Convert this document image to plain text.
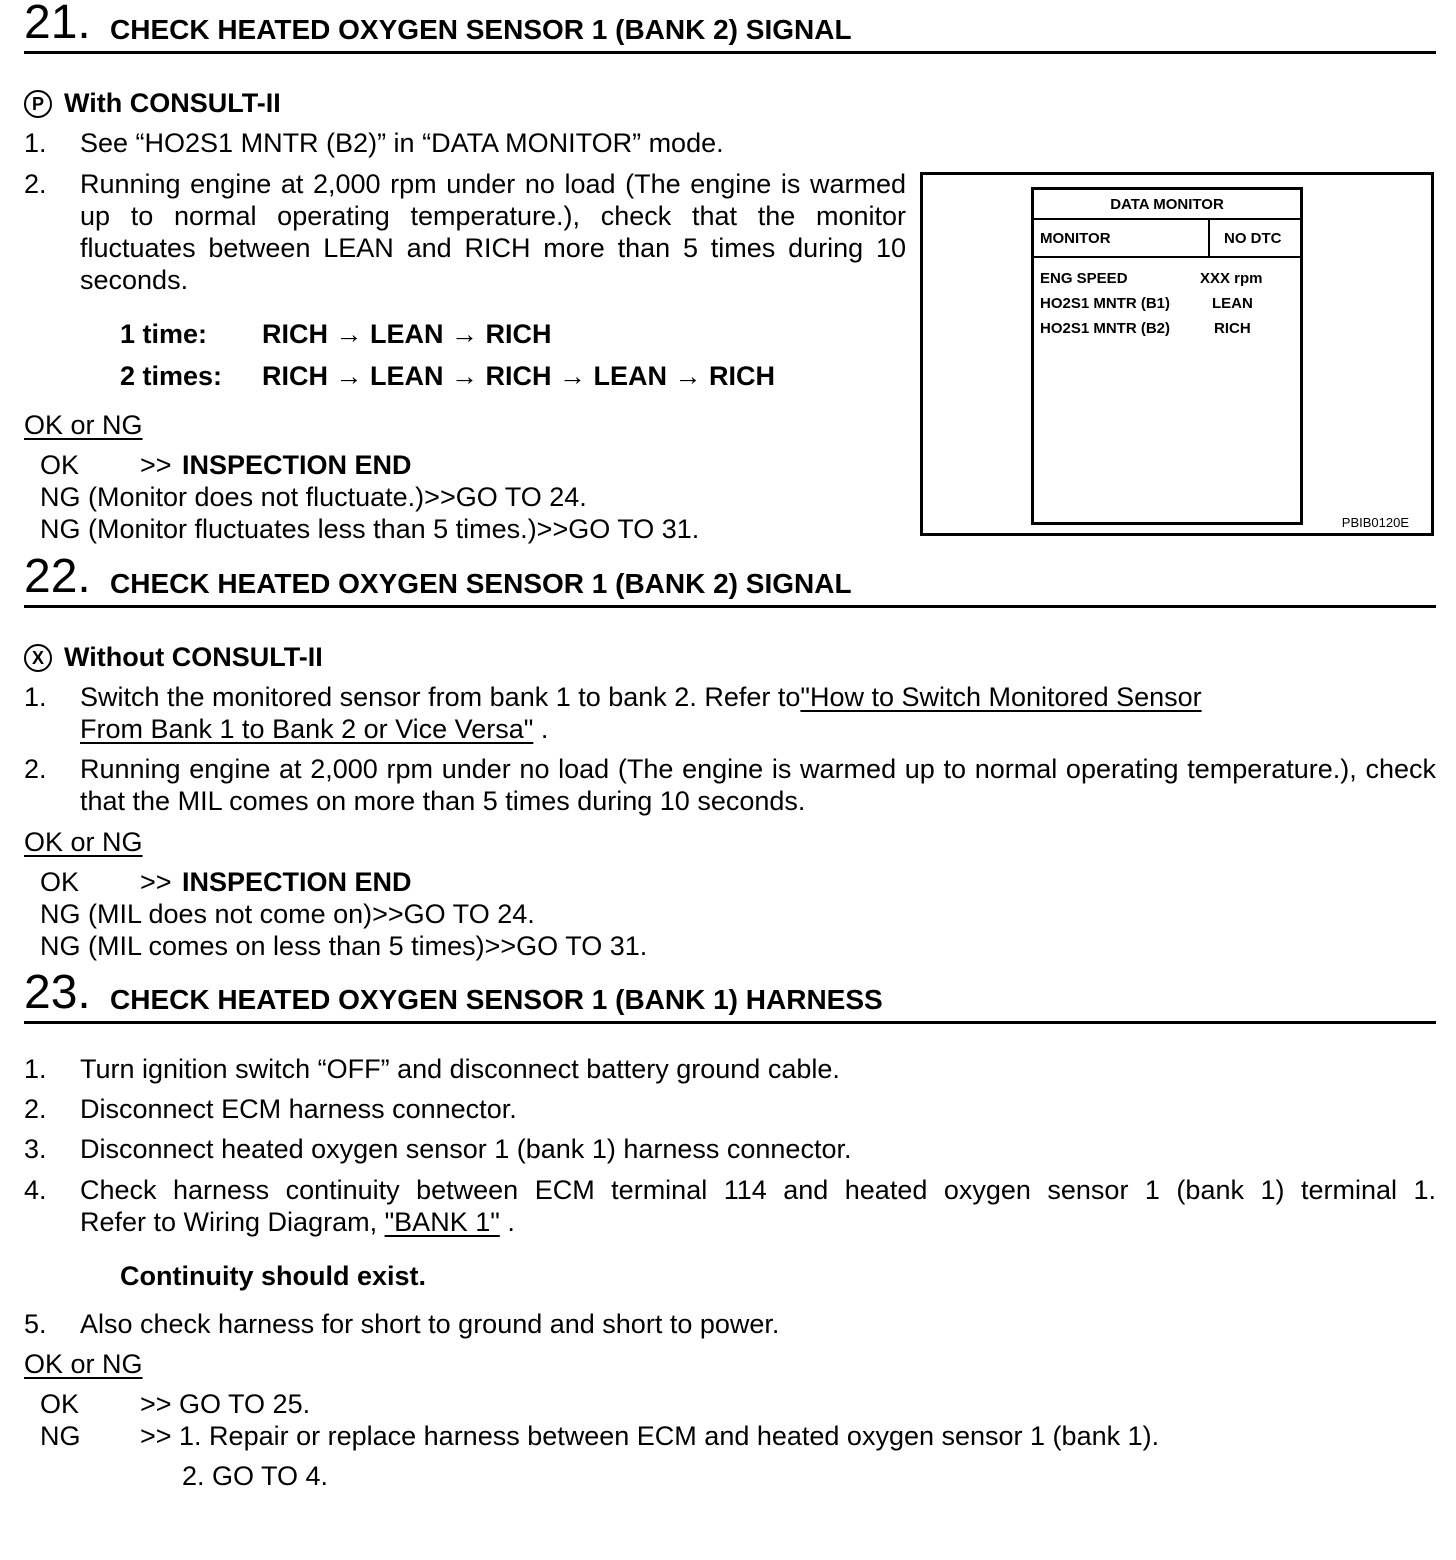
21. CHECK HEATED OXYGEN SENSOR 1 (BANK 2) SIGNAL
P With CONSULT-II
1. See “HO2S1 MNTR (B2)” in “DATA MONITOR” mode.
2. Running engine at 2,000 rpm under no load (The engine is warmed up to normal operating temperature.), check that the monitor fluctuates between LEAN and RICH more than 5 times during 10 seconds.
1 time: RICH → LEAN → RICH
2 times: RICH → LEAN → RICH → LEAN → RICH
OK or NG
OK >> INSPECTION END
NG (Monitor does not fluctuate.)>>GO TO 24.
NG (Monitor fluctuates less than 5 times.)>>GO TO 31.
DATA MONITOR
MONITOR	NO DTC
ENG SPEED	XXX rpm
HO2S1 MNTR (B1)	LEAN
HO2S1 MNTR (B2)	RICH
PBIB0120E
22. CHECK HEATED OXYGEN SENSOR 1 (BANK 2) SIGNAL
X Without CONSULT-II
1. Switch the monitored sensor from bank 1 to bank 2. Refer to"How to Switch Monitored Sensor
From Bank 1 to Bank 2 or Vice Versa" .
2. Running engine at 2,000 rpm under no load (The engine is warmed up to normal operating temperature.), check that the MIL comes on more than 5 times during 10 seconds.
OK or NG
OK >> INSPECTION END
NG (MIL does not come on)>>GO TO 24.
NG (MIL comes on less than 5 times)>>GO TO 31.
23. CHECK HEATED OXYGEN SENSOR 1 (BANK 1) HARNESS
1. Turn ignition switch “OFF” and disconnect battery ground cable.
2. Disconnect ECM harness connector.
3. Disconnect heated oxygen sensor 1 (bank 1) harness connector.
4. Check harness continuity between ECM terminal 114 and heated oxygen sensor 1 (bank 1) terminal 1.
Refer to Wiring Diagram, "BANK 1" .
Continuity should exist.
5. Also check harness for short to ground and short to power.
OK or NG
OK >> GO TO 25.
NG >> 1. Repair or replace harness between ECM and heated oxygen sensor 1 (bank 1).
2. GO TO 4.
